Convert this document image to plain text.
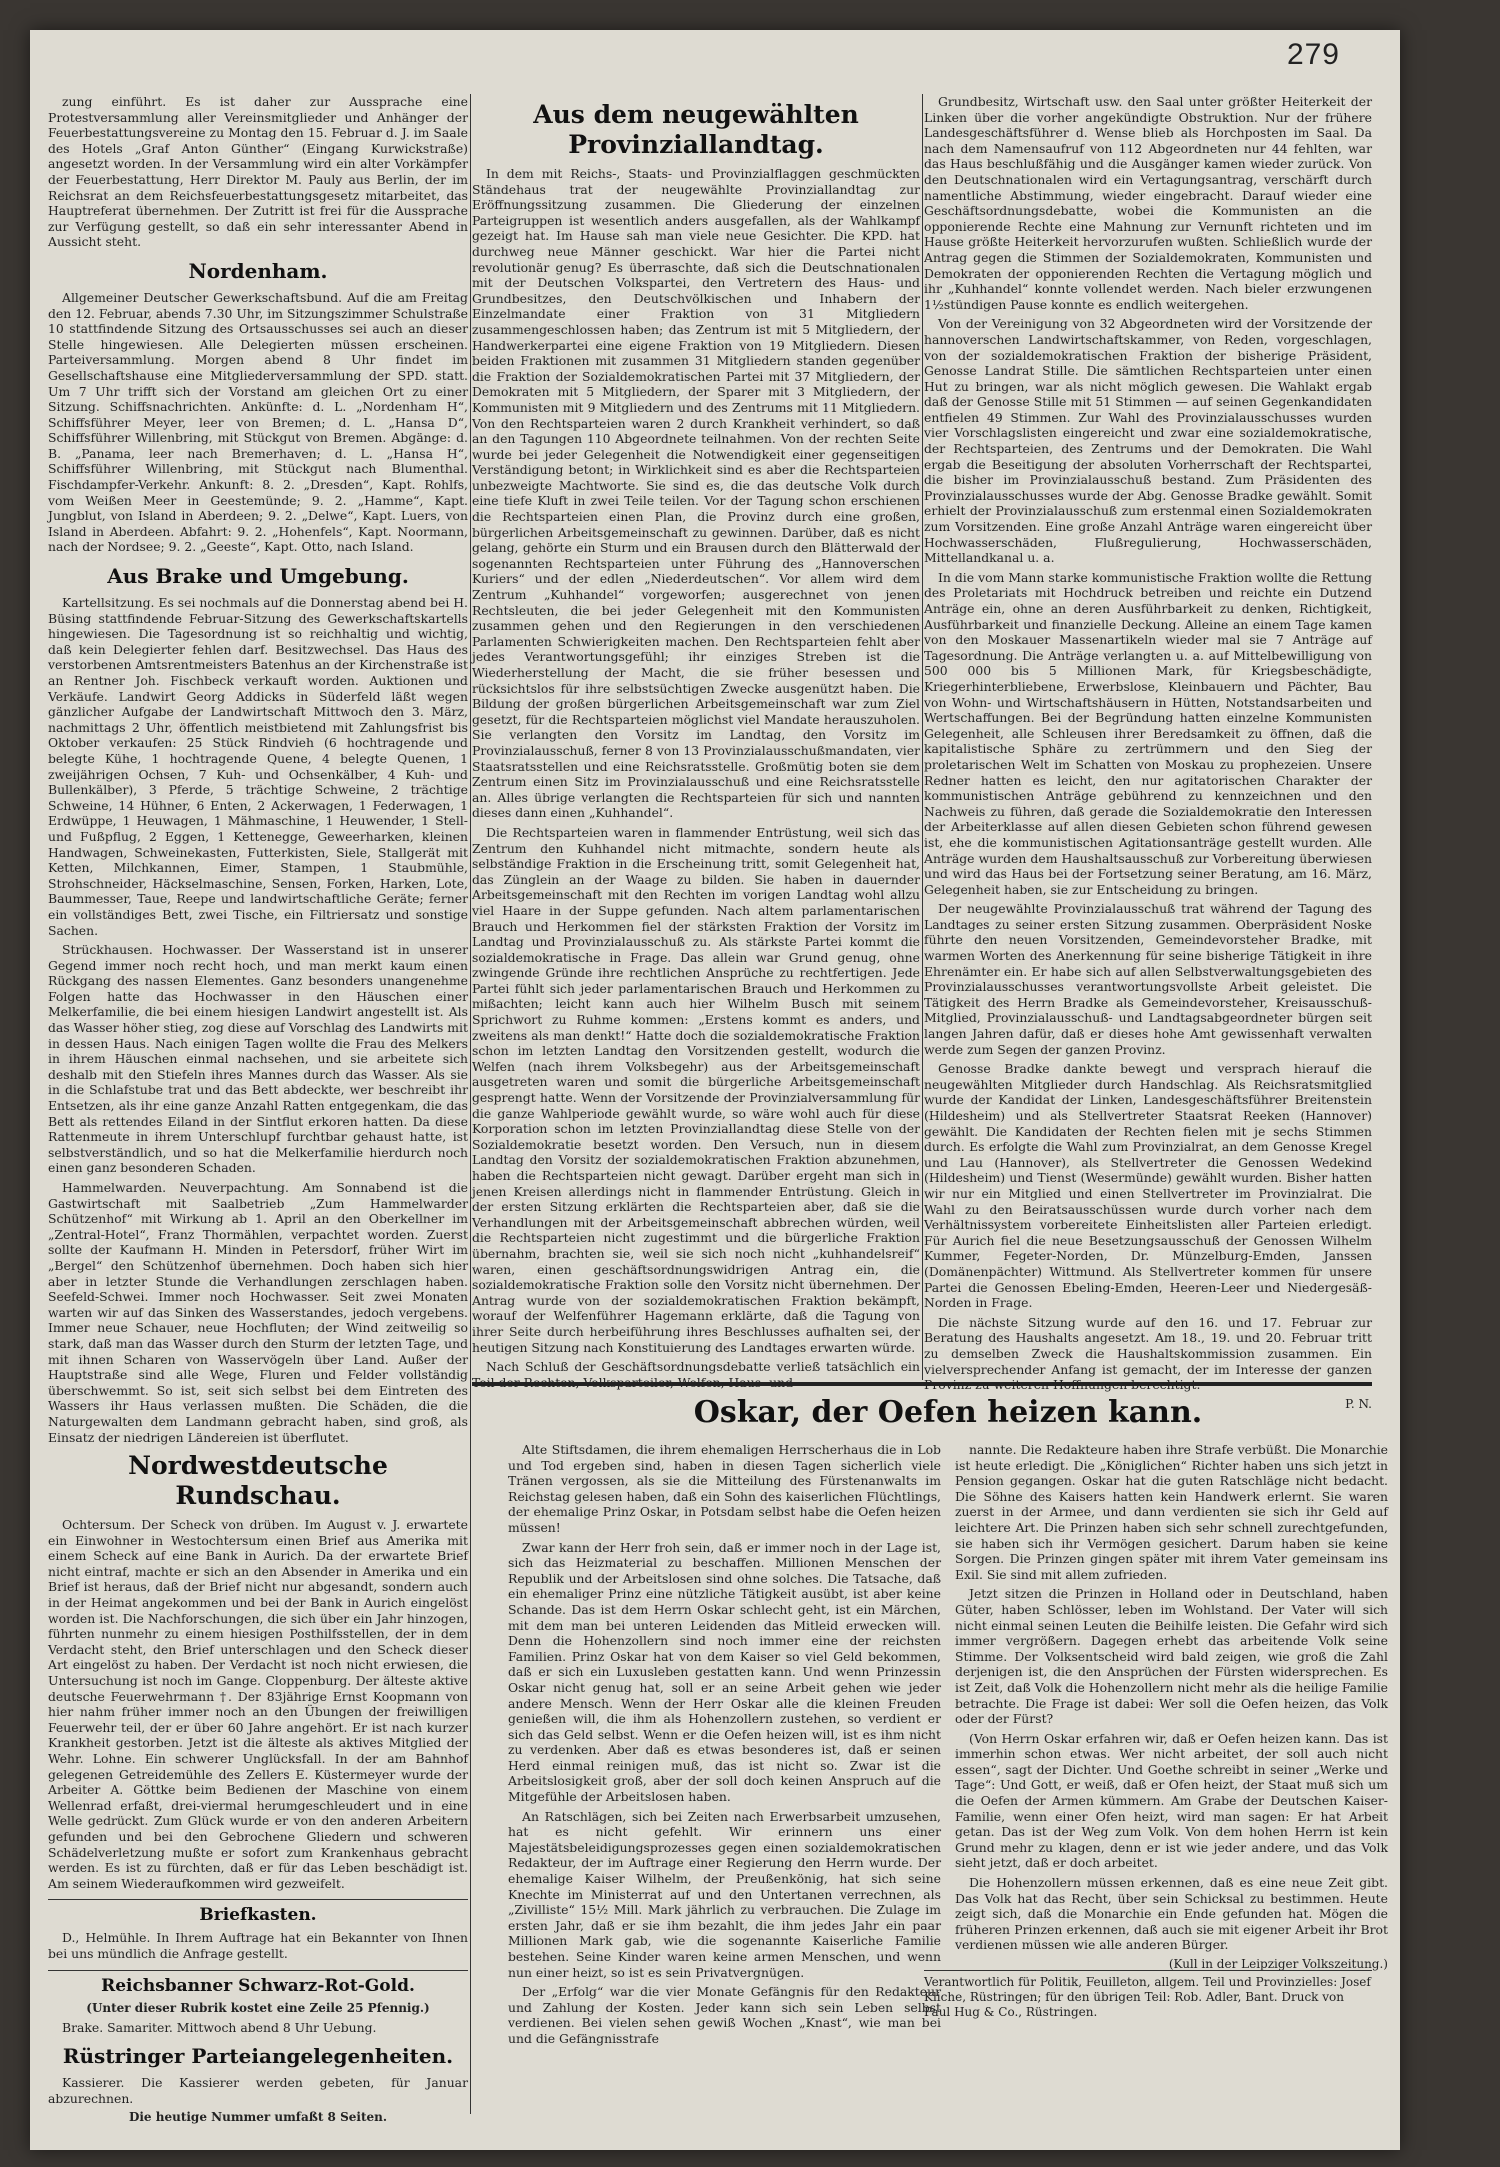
279

zung einführt. Es ist daher zur Aussprache eine Protestversammlung aller Vereinsmitglieder und Anhänger der Feuerbestattungsvereine zu Montag den 15. Februar d. J. im Saale des Hotels „Graf Anton Günther“ (Eingang Kurwickstraße) angesetzt worden. In der Versammlung wird ein alter Vorkämpfer der Feuerbestattung, Herr Direktor M. Pauly aus Berlin, der im Reichsrat an dem Reichsfeuerbestattungsgesetz mitarbeitet, das Hauptreferat übernehmen. Der Zutritt ist frei für die Aussprache zur Verfügung gestellt, so daß ein sehr interessanter Abend in Aussicht steht.

Nordenham.

Allgemeiner Deutscher Gewerkschaftsbund. Auf die am Freitag den 12. Februar, abends 7.30 Uhr, im Sitzungszimmer Schulstraße 10 stattfindende Sitzung des Ortsausschusses sei auch an dieser Stelle hingewiesen. Alle Delegierten müssen erscheinen. Parteiversammlung. Morgen abend 8 Uhr findet im Gesellschaftshause eine Mitgliederversammlung der SPD. statt. Um 7 Uhr trifft sich der Vorstand am gleichen Ort zu einer Sitzung. Schiffsnachrichten. Ankünfte: d. L. „Nordenham H“, Schiffsführer Meyer, leer von Bremen; d. L. „Hansa D“, Schiffsführer Willenbring, mit Stückgut von Bremen. Abgänge: d. B. „Panama, leer nach Bremerhaven; d. L. „Hansa H“, Schiffsführer Willenbring, mit Stückgut nach Blumenthal. Fischdampfer-Verkehr. Ankunft: 8. 2. „Dresden“, Kapt. Rohlfs, vom Weißen Meer in Geestemünde; 9. 2. „Hamme“, Kapt. Jungblut, von Island in Aberdeen; 9. 2. „Delwe“, Kapt. Luers, von Island in Aberdeen. Abfahrt: 9. 2. „Hohenfels“, Kapt. Noormann, nach der Nordsee; 9. 2. „Geeste“, Kapt. Otto, nach Island.

Aus Brake und Umgebung.

Kartellsitzung. Es sei nochmals auf die Donnerstag abend bei H. Büsing stattfindende Februar-Sitzung des Gewerkschaftskartells hingewiesen. Die Tagesordnung ist so reichhaltig und wichtig, daß kein Delegierter fehlen darf. Besitzwechsel. Das Haus des verstorbenen Amtsrentmeisters Batenhus an der Kirchenstraße ist an Rentner Joh. Fischbeck verkauft worden. Auktionen und Verkäufe. Landwirt Georg Addicks in Süderfeld läßt wegen gänzlicher Aufgabe der Landwirtschaft Mittwoch den 3. März, nachmittags 2 Uhr, öffentlich meistbietend mit Zahlungsfrist bis Oktober verkaufen: 25 Stück Rindvieh (6 hochtragende und belegte Kühe, 1 hochtragende Quene, 4 belegte Quenen, 1 zweijährigen Ochsen, 7 Kuh- und Ochsenkälber, 4 Kuh- und Bullenkälber), 3 Pferde, 5 trächtige Schweine, 2 trächtige Schweine, 14 Hühner, 6 Enten, 2 Ackerwagen, 1 Federwagen, 1 Erdwüppe, 1 Heuwagen, 1 Mähmaschine, 1 Heuwender, 1 Stell- und Fußpflug, 2 Eggen, 1 Kettenegge, Geweerharken, kleinen Handwagen, Schweinekasten, Futterkisten, Siele, Stallgerät mit Ketten, Milchkannen, Eimer, Stampen, 1 Staubmühle, Strohschneider, Häckselmaschine, Sensen, Forken, Harken, Lote, Baummesser, Taue, Reepe und landwirtschaftliche Geräte; ferner ein vollständiges Bett, zwei Tische, ein Filtriersatz und sonstige Sachen.

Strückhausen. Hochwasser. Der Wasserstand ist in unserer Gegend immer noch recht hoch, und man merkt kaum einen Rückgang des nassen Elementes. Ganz besonders unangenehme Folgen hatte das Hochwasser in den Häuschen einer Melkerfamilie, die bei einem hiesigen Landwirt angestellt ist. Als das Wasser höher stieg, zog diese auf Vorschlag des Landwirts mit in dessen Haus. Nach einigen Tagen wollte die Frau des Melkers in ihrem Häuschen einmal nachsehen, und sie arbeitete sich deshalb mit den Stiefeln ihres Mannes durch das Wasser. Als sie in die Schlafstube trat und das Bett abdeckte, wer beschreibt ihr Entsetzen, als ihr eine ganze Anzahl Ratten entgegenkam, die das Bett als rettendes Eiland in der Sintflut erkoren hatten. Da diese Rattenmeute in ihrem Unterschlupf furchtbar gehaust hatte, ist selbstverständlich, und so hat die Melkerfamilie hierdurch noch einen ganz besonderen Schaden.

Hammelwarden. Neuverpachtung. Am Sonnabend ist die Gastwirtschaft mit Saalbetrieb „Zum Hammelwarder Schützenhof“ mit Wirkung ab 1. April an den Oberkellner im „Zentral-Hotel“, Franz Thormählen, verpachtet worden. Zuerst sollte der Kaufmann H. Minden in Petersdorf, früher Wirt im „Bergel“ den Schützenhof übernehmen. Doch haben sich hier aber in letzter Stunde die Verhandlungen zerschlagen haben. Seefeld-Schwei. Immer noch Hochwasser. Seit zwei Monaten warten wir auf das Sinken des Wasserstandes, jedoch vergebens. Immer neue Schauer, neue Hochfluten; der Wind zeitweilig so stark, daß man das Wasser durch den Sturm der letzten Tage, und mit ihnen Scharen von Wasservögeln über Land. Außer der Hauptstraße sind alle Wege, Fluren und Felder vollständig überschwemmt. So ist, seit sich selbst bei dem Eintreten des Wassers ihr Haus verlassen mußten. Die Schäden, die die Naturgewalten dem Landmann gebracht haben, sind groß, als Einsatz der niedrigen Ländereien ist überflutet.

Nordwestdeutsche Rundschau.

Ochtersum. Der Scheck von drüben. Im August v. J. erwartete ein Einwohner in Westochtersum einen Brief aus Amerika mit einem Scheck auf eine Bank in Aurich. Da der erwartete Brief nicht eintraf, machte er sich an den Absender in Amerika und ein Brief ist heraus, daß der Brief nicht nur abgesandt, sondern auch in der Heimat angekommen und bei der Bank in Aurich eingelöst worden ist. Die Nachforschungen, die sich über ein Jahr hinzogen, führten nunmehr zu einem hiesigen Posthilfsstellen, der in dem Verdacht steht, den Brief unterschlagen und den Scheck dieser Art eingelöst zu haben. Der Verdacht ist noch nicht erwiesen, die Untersuchung ist noch im Gange. Cloppenburg. Der älteste aktive deutsche Feuerwehrmann †. Der 83jährige Ernst Koopmann von hier nahm früher immer noch an den Übungen der freiwilligen Feuerwehr teil, der er über 60 Jahre angehört. Er ist nach kurzer Krankheit gestorben. Jetzt ist die älteste als aktives Mitglied der Wehr. Lohne. Ein schwerer Unglücksfall. In der am Bahnhof gelegenen Getreidemühle des Zellers E. Küstermeyer wurde der Arbeiter A. Göttke beim Bedienen der Maschine von einem Wellenrad erfaßt, drei-viermal herumgeschleudert und in eine Welle gedrückt. Zum Glück wurde er von den anderen Arbeitern gefunden und bei den Gebrochene Gliedern und schweren Schädelverletzung mußte er sofort zum Krankenhaus gebracht werden. Es ist zu fürchten, daß er für das Leben beschädigt ist. Am seinem Wiederaufkommen wird gezweifelt.

Briefkasten.

D., Helmühle. In Ihrem Auftrage hat ein Bekannter von Ihnen bei uns mündlich die Anfrage gestellt.

Reichsbanner Schwarz-Rot-Gold.
(Unter dieser Rubrik kostet eine Zeile 25 Pfennig.)

Brake. Samariter. Mittwoch abend 8 Uhr Uebung.

Rüstringer Parteiangelegenheiten.

Kassierer. Die Kassierer werden gebeten, für Januar abzurechnen.

Die heutige Nummer umfaßt 8 Seiten.
Aus dem neugewählten Provinziallandtag.

In dem mit Reichs-, Staats- und Provinzialflaggen geschmückten Ständehaus trat der neugewählte Provinziallandtag zur Eröffnungssitzung zusammen. Die Gliederung der einzelnen Parteigruppen ist wesentlich anders ausgefallen, als der Wahlkampf gezeigt hat. Im Hause sah man viele neue Gesichter. Die KPD. hat durchweg neue Männer geschickt. War hier die Partei nicht revolutionär genug? Es überraschte, daß sich die Deutschnationalen mit der Deutschen Volkspartei, den Vertretern des Haus- und Grundbesitzes, den Deutschvölkischen und Inhabern der Einzelmandate einer Fraktion von 31 Mitgliedern zusammengeschlossen haben; das Zentrum ist mit 5 Mitgliedern, der Handwerkerpartei eine eigene Fraktion von 19 Mitgliedern. Diesen beiden Fraktionen mit zusammen 31 Mitgliedern standen gegenüber die Fraktion der Sozialdemokratischen Partei mit 37 Mitgliedern, der Demokraten mit 5 Mitgliedern, der Sparer mit 3 Mitgliedern, der Kommunisten mit 9 Mitgliedern und des Zentrums mit 11 Mitgliedern. Von den Rechtsparteien waren 2 durch Krankheit verhindert, so daß an den Tagungen 110 Abgeordnete teilnahmen. Von der rechten Seite wurde bei jeder Gelegenheit die Notwendigkeit einer gegenseitigen Verständigung betont; in Wirklichkeit sind es aber die Rechtsparteien unbezweigte Machtworte. Sie sind es, die das deutsche Volk durch eine tiefe Kluft in zwei Teile teilen. Vor der Tagung schon erschienen die Rechtsparteien einen Plan, die Provinz durch eine großen, bürgerlichen Arbeitsgemeinschaft zu gewinnen. Darüber, daß es nicht gelang, gehörte ein Sturm und ein Brausen durch den Blätterwald der sogenannten Rechtsparteien unter Führung des „Hannoverschen Kuriers“ und der edlen „Niederdeutschen“. Vor allem wird dem Zentrum „Kuhhandel“ vorgeworfen; ausgerechnet von jenen Rechtsleuten, die bei jeder Gelegenheit mit den Kommunisten zusammen gehen und den Regierungen in den verschiedenen Parlamenten Schwierigkeiten machen. Den Rechtsparteien fehlt aber jedes Verantwortungsgefühl; ihr einziges Streben ist die Wiederherstellung der Macht, die sie früher besessen und rücksichtslos für ihre selbstsüchtigen Zwecke ausgenützt haben. Die Bildung der großen bürgerlichen Arbeitsgemeinschaft war zum Ziel gesetzt, für die Rechtsparteien möglichst viel Mandate herauszuholen. Sie verlangten den Vorsitz im Landtag, den Vorsitz im Provinzialausschuß, ferner 8 von 13 Provinzialausschußmandaten, vier Staatsratsstellen und eine Reichsratsstelle. Großmütig boten sie dem Zentrum einen Sitz im Provinzialausschuß und eine Reichsratsstelle an. Alles übrige verlangten die Rechtsparteien für sich und nannten dieses dann einen „Kuhhandel“.

Die Rechtsparteien waren in flammender Entrüstung, weil sich das Zentrum den Kuhhandel nicht mitmachte, sondern heute als selbständige Fraktion in die Erscheinung tritt, somit Gelegenheit hat, das Zünglein an der Waage zu bilden. Sie haben in dauernder Arbeitsgemeinschaft mit den Rechten im vorigen Landtag wohl allzu viel Haare in der Suppe gefunden. Nach altem parlamentarischen Brauch und Herkommen fiel der stärksten Fraktion der Vorsitz im Landtag und Provinzialausschuß zu. Als stärkste Partei kommt die sozialdemokratische in Frage. Das allein war Grund genug, ohne zwingende Gründe ihre rechtlichen Ansprüche zu rechtfertigen. Jede Partei fühlt sich jeder parlamentarischen Brauch und Herkommen zu mißachten; leicht kann auch hier Wilhelm Busch mit seinem Sprichwort zu Ruhme kommen: „Erstens kommt es anders, und zweitens als man denkt!“ Hatte doch die sozialdemokratische Fraktion schon im letzten Landtag den Vorsitzenden gestellt, wodurch die Welfen (nach ihrem Volksbegehr) aus der Arbeitsgemeinschaft ausgetreten waren und somit die bürgerliche Arbeitsgemeinschaft gesprengt hatte. Wenn der Vorsitzende der Provinzialversammlung für die ganze Wahlperiode gewählt wurde, so wäre wohl auch für diese Korporation schon im letzten Provinziallandtag diese Stelle von der Sozialdemokratie besetzt worden. Den Versuch, nun in diesem Landtag den Vorsitz der sozialdemokratischen Fraktion abzunehmen, haben die Rechtsparteien nicht gewagt. Darüber ergeht man sich in jenen Kreisen allerdings nicht in flammender Entrüstung. Gleich in der ersten Sitzung erklärten die Rechtsparteien aber, daß sie die Verhandlungen mit der Arbeitsgemeinschaft abbrechen würden, weil die Rechtsparteien nicht zugestimmt und die bürgerliche Fraktion übernahm, brachten sie, weil sie sich noch nicht „kuhhandelsreif“ waren, einen geschäftsordnungswidrigen Antrag ein, die sozialdemokratische Fraktion solle den Vorsitz nicht übernehmen. Der Antrag wurde von der sozialdemokratischen Fraktion bekämpft, worauf der Welfenführer Hagemann erklärte, daß die Tagung von ihrer Seite durch herbeiführung ihres Beschlusses aufhalten sei, der heutigen Sitzung nach Konstituierung des Landtages erwarten würde.

Nach Schluß der Geschäftsordnungsdebatte verließ tatsächlich ein

Grundbesitz, Wirtschaft usw. den Saal unter größter Heiterkeit der Linken über die vorher angekündigte Obstruktion. Nur der frühere Landesgeschäftsführer d. Wense blieb als Horchposten im Saal. Da nach dem Namensaufruf von 112 Abgeordneten nur 44 fehlten, war das Haus beschlußfähig und die Ausgänger kamen wieder zurück. Von den Deutschnationalen wird ein Vertagungsantrag, verschärft durch namentliche Abstimmung, wieder eingebracht. Darauf wieder eine Geschäftsordnungsdebatte, wobei die Kommunisten an die opponierende Rechte eine Mahnung zur Vernunft richteten und im Hause größte Heiterkeit hervorzurufen wußten. Schließlich wurde der Antrag gegen die Stimmen der Sozialdemokraten, Kommunisten und Demokraten der opponierenden Rechten die Vertagung möglich und ihr „Kuhhandel“ konnte vollendet werden. Nach bieler erzwungenen 1½stündigen Pause konnte es endlich weitergehen.

Von der Vereinigung von 32 Abgeordneten wird der Vorsitzende der hannoverschen Landwirtschaftskammer, von Reden, vorgeschlagen, von der sozialdemokratischen Fraktion der bisherige Präsident, Genosse Landrat Stille. Die sämtlichen Rechtsparteien unter einen Hut zu bringen, war als nicht möglich gewesen. Die Wahlakt ergab daß der Genosse Stille mit 51 Stimmen — auf seinen Gegenkandidaten entfielen 49 Stimmen. Zur Wahl des Provinzialausschusses wurden vier Vorschlagslisten eingereicht und zwar eine sozialdemokratische, der Rechtsparteien, des Zentrums und der Demokraten. Die Wahl ergab die Beseitigung der absoluten Vorherrschaft der Rechtspartei, die bisher im Provinzialausschuß bestand. Zum Präsidenten des Provinzialausschusses wurde der Abg. Genosse Bradke gewählt. Somit erhielt der Provinzialausschuß zum erstenmal einen Sozialdemokraten zum Vorsitzenden. Eine große Anzahl Anträge waren eingereicht über Hochwasserschäden, Flußregulierung, Hochwasserschäden, Mittellandkanal u. a.

In die vom Mann starke kommunistische Fraktion wollte die Rettung des Proletariats mit Hochdruck betreiben und reichte ein Dutzend Anträge ein, ohne an deren Ausführbarkeit zu denken, Richtigkeit, Ausführbarkeit und finanzielle Deckung. Alleine an einem Tage kamen von den Moskauer Massenartikeln wieder mal sie 7 Anträge auf Tagesordnung. Die Anträge verlangten u. a. auf Mittelbewilligung von 500 000 bis 5 Millionen Mark, für Kriegsbeschädigte, Kriegerhinterbliebene, Erwerbslose, Kleinbauern und Pächter, Bau von Wohn- und Wirtschaftshäusern in Hütten, Notstandsarbeiten und Wertschaffungen. Bei der Begründung hatten einzelne Kommunisten Gelegenheit, alle Schleusen ihrer Beredsamkeit zu öffnen, daß die kapitalistische Sphäre zu zertrümmern und den Sieg der proletarischen Welt im Schatten von Moskau zu prophezeien. Unsere Redner hatten es leicht, den nur agitatorischen Charakter der kommunistischen Anträge gebührend zu kennzeichnen und den Nachweis zu führen, daß gerade die Sozialdemokratie den Interessen der Arbeiterklasse auf allen diesen Gebieten schon führend gewesen ist, ehe die kommunistischen Agitationsanträge gestellt wurden. Alle Anträge wurden dem Haushaltsausschuß zur Vorbereitung überwiesen und wird das Haus bei der Fortsetzung seiner Beratung, am 16. März, Gelegenheit haben, sie zur Entscheidung zu bringen.

Der neugewählte Provinzialausschuß trat während der Tagung des Landtages zu seiner ersten Sitzung zusammen. Oberpräsident Noske führte den neuen Vorsitzenden, Gemeindevorsteher Bradke, mit warmen Worten des Anerkennung für seine bisherige Tätigkeit in ihre Ehrenämter ein. Er habe sich auf allen Selbstverwaltungsgebieten des Provinzialausschusses verantwortungsvollste Arbeit geleistet. Die Tätigkeit des Herrn Bradke als Gemeindevorsteher, Kreisausschuß-Mitglied, Provinzialausschuß- und Landtagsabgeordneter bürgen seit langen Jahren dafür, daß er dieses hohe Amt gewissenhaft verwalten werde zum Segen der ganzen Provinz.

Genosse Bradke dankte bewegt und versprach hierauf die neugewählten Mitglieder durch Handschlag. Als Reichsratsmitglied wurde der Kandidat der Linken, Landesgeschäftsführer Breitenstein (Hildesheim) und als Stellvertreter Staatsrat Reeken (Hannover) gewählt. Die Kandidaten der Rechten fielen mit je sechs Stimmen durch. Es erfolgte die Wahl zum Provinzialrat, an dem Genosse Kregel und Lau (Hannover), als Stellvertreter die Genossen Wedekind (Hildesheim) und Tienst (Wesermünde) gewählt wurden. Bisher hatten wir nur ein Mitglied und einen Stellvertreter im Provinzialrat. Die Wahl zu den Beiratsausschüssen wurde durch vorher nach dem Verhältnissystem vorbereitete Einheitslisten aller Parteien erledigt. Für Aurich fiel die neue Besetzungsausschuß der Genossen Wilhelm Kummer, Fegeter-Norden, Dr. Münzelburg-Emden, Janssen (Domänenpächter) Wittmund. Als Stellvertreter kommen für unsere Partei die Genossen Ebeling-Emden, Heeren-Leer und Niedergesäß-Norden in Frage.

Die nächste Sitzung wurde auf den 16. und 17. Februar zur Beratung des Haushalts angesetzt. Am 18., 19. und 20. Februar tritt zu demselben Zweck die Haushaltskommission zusammen. Ein vielversprechender Anfang ist gemacht, der im Interesse der ganzen

P. N.
Oskar, der Oefen heizen kann.

Alte Stiftsdamen, die ihrem ehemaligen Herrscherhaus die in Lob und Tod ergeben sind, haben in diesen Tagen sicherlich viele Tränen vergossen, als sie die Mitteilung des Fürstenanwalts im Reichstag gelesen haben, daß ein Sohn des kaiserlichen Flüchtlings, der ehemalige Prinz Oskar, in Potsdam selbst habe die Oefen heizen müssen!

Zwar kann der Herr froh sein, daß er immer noch in der Lage ist, sich das Heizmaterial zu beschaffen. Millionen Menschen der Republik und der Arbeitslosen sind ohne solches. Die Tatsache, daß ein ehemaliger Prinz eine nützliche Tätigkeit ausübt, ist aber keine Schande. Das ist dem Herrn Oskar schlecht geht, ist ein Märchen, mit dem man bei unteren Leidenden das Mitleid erwecken will. Denn die Hohenzollern sind noch immer eine der reichsten Familien. Prinz Oskar hat von dem Kaiser so viel Geld bekommen, daß er sich ein Luxusleben gestatten kann. Und wenn Prinzessin Oskar nicht genug hat, soll er an seine Arbeit gehen wie jeder andere Mensch. Wenn der Herr Oskar alle die kleinen Freuden genießen will, die ihm als Hohenzollern zustehen, so verdient er sich das Geld selbst. Wenn er die Oefen heizen will, ist es ihm nicht zu verdenken. Aber daß es etwas besonderes ist, daß er seinen Herd einmal reinigen muß, das ist nicht so. Zwar ist die Arbeitslosigkeit groß, aber der soll doch keinen Anspruch auf die Mitgefühle der Arbeitslosen haben.

An Ratschlägen, sich bei Zeiten nach Erwerbsarbeit umzusehen, hat es nicht gefehlt. Wir erinnern uns einer Majestätsbeleidigungsprozesses gegen einen sozialdemokratischen Redakteur, der im Auftrage einer Regierung den Herrn wurde. Der ehemalige Kaiser Wilhelm, der Preußenkönig, hat sich seine Knechte im Ministerrat auf und den Untertanen verrechnen, als „Zivilliste“ 15½ Mill. Mark jährlich zu verbrauchen. Die Zulage im ersten Jahr, daß er sie ihm bezahlt, die ihm jedes Jahr ein paar Millionen Mark gab, wie die sogenannte Kaiserliche Familie bestehen. Seine Kinder waren keine armen Menschen, und wenn nun einer heizt, so ist es sein Privatvergnügen.

Der „Erfolg“ war die vier Monate Gefängnis für den Redakteur und Zahlung der Kosten. Jeder kann sich sein Leben selbst verdienen. Bei vielen sehen gewiß Wochen „Knast“, wie man bei und die Gefängnisstrafe

nannte. Die Redakteure haben ihre Strafe verbüßt. Die Monarchie ist heute erledigt. Die „Königlichen“ Richter haben uns sich jetzt in Pension gegangen. Oskar hat die guten Ratschläge nicht bedacht. Die Söhne des Kaisers hatten kein Handwerk erlernt. Sie waren zuerst in der Armee, und dann verdienten sie sich ihr Geld auf leichtere Art. Die Prinzen haben sich sehr schnell zurechtgefunden, sie haben sich ihr Vermögen gesichert. Darum haben sie keine Sorgen. Die Prinzen gingen später mit ihrem Vater gemeinsam ins Exil. Sie sind mit allem zufrieden.

Jetzt sitzen die Prinzen in Holland oder in Deutschland, haben Güter, haben Schlösser, leben im Wohlstand. Der Vater will sich nicht einmal seinen Leuten die Beihilfe leisten. Die Gefahr wird sich immer vergrößern. Dagegen erhebt das arbeitende Volk seine Stimme. Der Volksentscheid wird bald zeigen, wie groß die Zahl derjenigen ist, die den Ansprüchen der Fürsten widersprechen. Es ist Zeit, daß Volk die Hohenzollern nicht mehr als die heilige Familie betrachte. Die Frage ist dabei: Wer soll die Oefen heizen, das Volk oder der Fürst?

(Von Herrn Oskar erfahren wir, daß er Oefen heizen kann. Das ist immerhin schon etwas. Wer nicht arbeitet, der soll auch nicht essen“, sagt der Dichter. Und Goethe schreibt in seiner „Werke und Tage“: Und Gott, er weiß, daß er Ofen heizt, der Staat muß sich um die Oefen der Armen kümmern. Am Grabe der Deutschen Kaiser-Familie, wenn einer Ofen heizt, wird man sagen: Er hat Arbeit getan. Das ist der Weg zum Volk. Von dem hohen Herrn ist kein Grund mehr zu klagen, denn er ist wie jeder andere, und das Volk sieht jetzt, daß er doch arbeitet.

Die Hohenzollern müssen erkennen, daß es eine neue Zeit gibt. Das Volk hat das Recht, über sein Schicksal zu bestimmen. Heute zeigt sich, daß die Monarchie ein Ende gefunden hat. Mögen die früheren Prinzen erkennen, daß auch sie mit eigener Arbeit ihr Brot verdienen müssen wie alle anderen Bürger.

(Kull in der Leipziger Volkszeitung.)
Verantwortlich für Politik, Feuilleton, allgem. Teil und Provinzielles: Josef Kliche, Rüstringen; für den übrigen Teil: Rob. Adler, Bant. Druck von Paul Hug & Co., Rüstringen.
